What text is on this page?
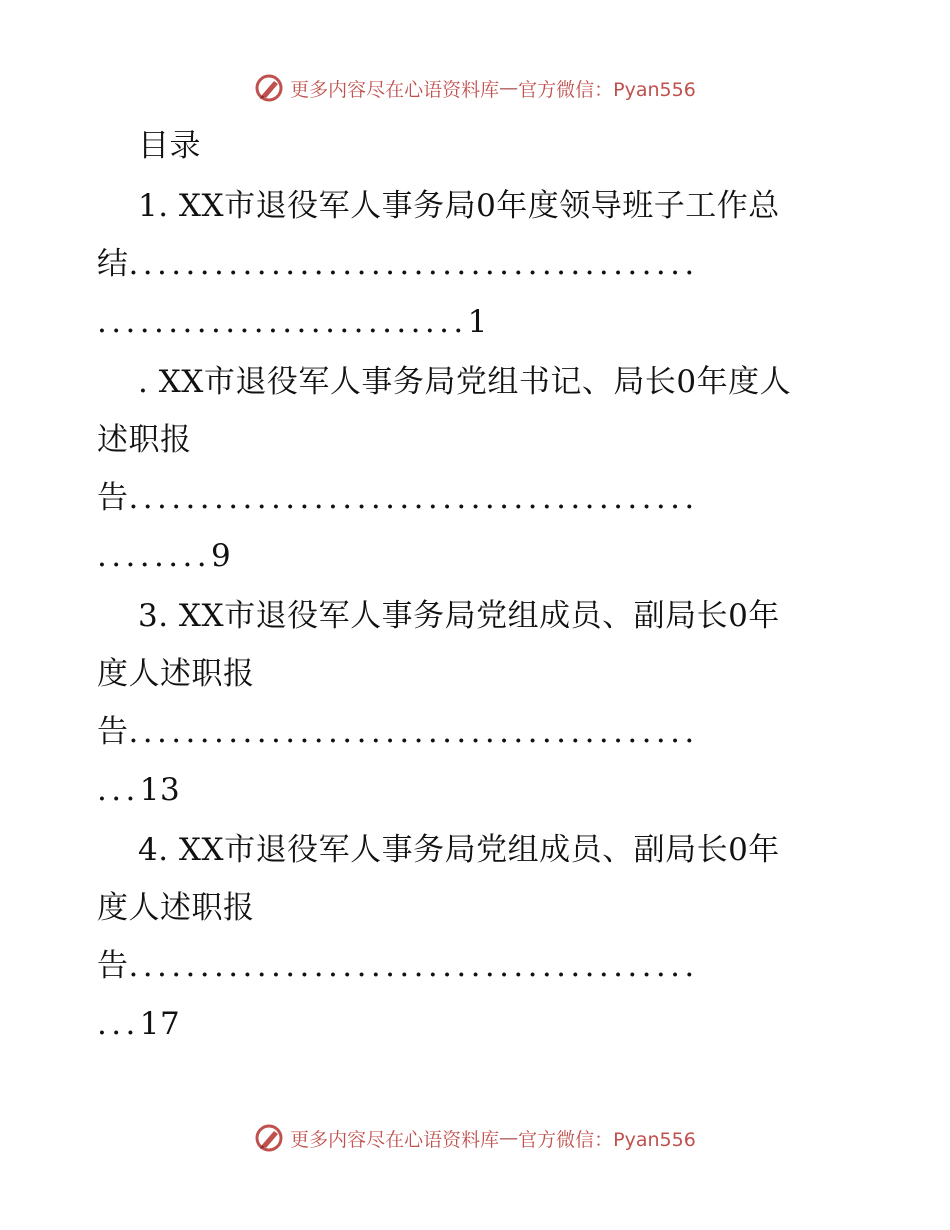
更多内容尽在心语资料库 — 官方微信：Pyan556
目录
1. XX市退役军人事务局0年度领导班子工作总
结........................................
..........................1
. XX市退役军人事务局党组书记、局长0年度人
述职报
告........................................
........9
3. XX市退役军人事务局党组成员、副局长0年
度人述职报
告........................................
...13
4. XX市退役军人事务局党组成员、副局长0年
度人述职报
告........................................
...17
更多内容尽在心语资料库 — 官方微信：Pyan556
